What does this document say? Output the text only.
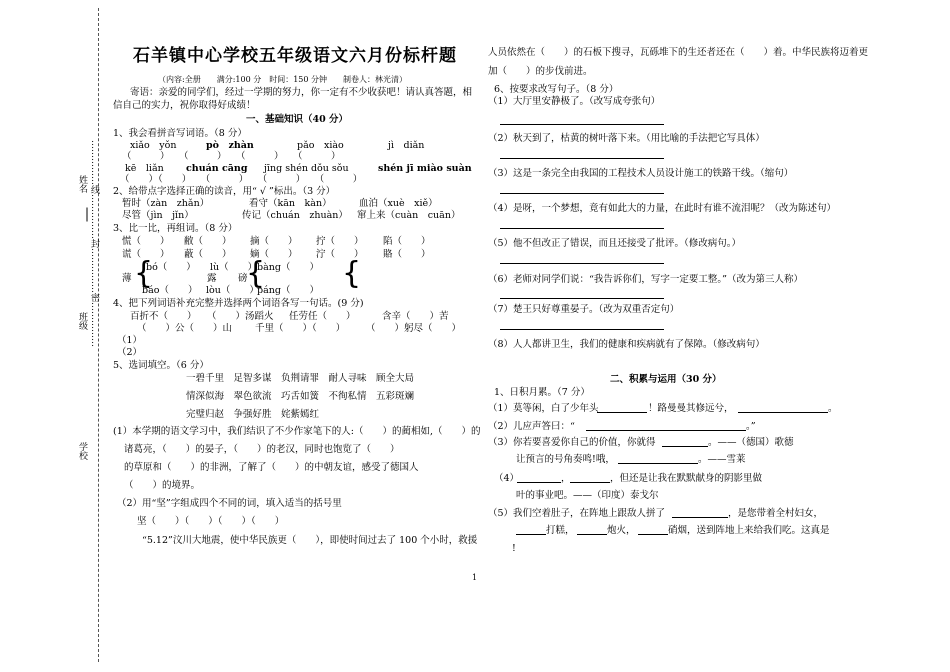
……………线……………封……………密……………
姓名
班级
学校
石羊镇中心学校五年级语文六月份标杆题
（内容:全册　　满分:100 分　时间：150 分钟　　制卷人：林光清）
寄语：亲爱的同学们，经过一学期的努力，你一定有不少收获吧！请认真答题，相
信自己的实力，祝你取得好成绩！
一、基础知识（40 分）
1、我会看拼音写词语。（8 分）
xiǎo　yǒn	pò　zhàn	pǎo　xiào	jì　diǎn
（　　　）　　（　　　）　　（　　　）　　（　　　）
kē　liǎn chuán cāng jīng shén dǒu sǒu	shén jī miào suàn
（　　）（　　）　　（　　　）　　（　　　）　　（　　　）
2、给带点字选择正确的读音，用“ √ ”标出。（3 分）
暂时（zàn　zhǎn）	看守（kān　kàn）	血泊（xuè　xiě）
尽管（jìn　jǐn）	传记（chuán　zhuàn） 窜上来（cuàn　cuān）
3、比一比，再组词。（8 分）
慌（　　） 敝（　　） 摘（　　） 拧（　　） 陷（　　）
谎（　　） 蔽（　　） 嫡（　　） 泞（　　） 賂（　　）
薄 {
bó（　　）
báo（　　）
露
lù（　　）
lòu（　　）
{
磅
bàng（　　）
páng（　　） {
4、把下列词语补充完整并选择两个词语各写一句话。(9 分)
百折不（　　） （　　）汤蹈火 任劳任（　　）	含辛（　　）苦
（　　）公（　　）山 千里（　　）（　　） （　　）躬尽（　　）
（1）
（2）
5、选词填空。（6 分）
一碧千里　足智多谋　负荆请罪　耐人寻味　顾全大局
情深似海　翠色欲流　巧舌如簧　不徇私情　五彩斑斓
完璧归赵　争强好胜　姹紫嫣红
(1）本学期的语文学习中，我们结识了不少作家笔下的人:（　　）的蔺相如,（　　）的
诸葛亮，（　　）的晏子，（　　）的老汉，同时也饱览了（　　）
的草原和（　　）的非洲，了解了（　　）的中朝友谊，感受了德国人
（　　）的境界。
（2）用“坚”字组成四个不同的词，填入适当的括号里
坚（　　）（　　）（　　）（　　）
“5.12”汶川大地震，使中华民族更（　　），即使时间过去了 100 个小时，救援
人员依然在（　　）的石板下搜寻，瓦砾堆下的生还者还在（　　）着。中华民族将迈着更
加（　　）的步伐前进。
6、按要求改写句子。（8 分）
（1）大厅里安静极了。（改写成夸张句）
（2）秋天到了，枯黄的树叶落下来。（用比喻的手法把它写具体）
（3）这是一条完全由我国的工程技术人员设计施工的铁路干线。（缩句）
（4）是呀，一个梦想，竟有如此大的力量，在此时有谁不流泪呢？（改为陈述句）
（5）他不但改正了错误，而且还接受了批评。（修改病句。）
（6）老师对同学们说：“我告诉你们，写字一定要工整。”（改为第三人称）
（7）楚王只好尊重晏子。（改为双重否定句）
（8）人人都讲卫生，我们的健康和疾病就有了保障。（修改病句）
二、积累与运用（30 分）
1、日积月累。（7 分）
（1）莫等闲，白了少年头	！路曼曼其修远兮，	。
（2）儿应声答曰：“	。”
（3）你若要喜爱你自己的价值，你就得	。——（德国）歌德
让预言的号角奏鸣!哦，	。——雪莱
（4）	，	，但还是让我在默默献身的阴影里做
叶的事业吧。——（印度）泰戈尔
（5）我们空着肚子，在阵地上跟敌人拼了	，是您带着全村妇女，
打糕，	炮火，	硝烟，送到阵地上来给我们吃。这真是
!
1
